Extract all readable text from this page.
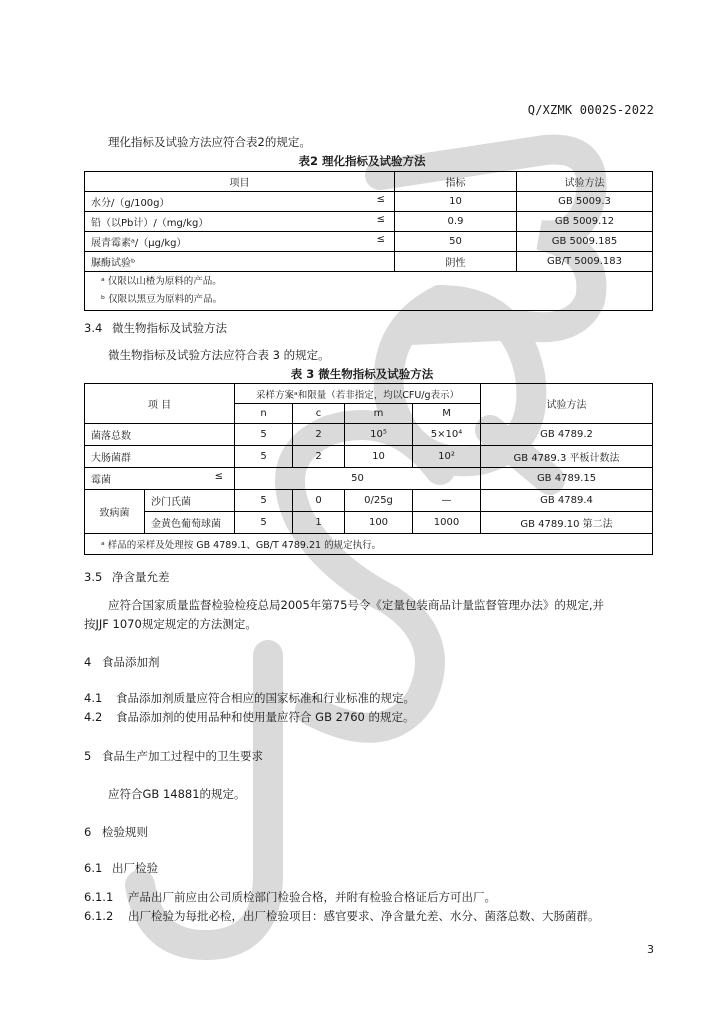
Q/XZMK 0002S-2022
理化指标及试验方法应符合表2的规定。
表2 理化指标及试验方法
项目	指标	试验方法
水分/（g/100g） ≤	10	GB 5009.3
铅（以Pb计）/（mg/kg） ≤	0.9	GB 5009.12
展青霉素ᵃ/（μg/kg） ≤	50	GB 5009.185
脲酶试验ᵇ	阴性	GB/T 5009.183

ᵃ 仅限以山楂为原料的产品。
ᵇ 仅限以黑豆为原料的产品。		
3.4 微生物指标及试验方法
微生物指标及试验方法应符合表 3 的规定。
表 3 微生物指标及试验方法
项 目		采样方案ᵃ和限量（若非指定，均以CFU/g表示）				试验方法
		n	c	m	M	
菌落总数		5	2	10⁵	5×10⁴	GB 4789.2
大肠菌群		5	2	10	10²	GB 4789.3 平板计数法
霉菌 ≤		50				GB 4789.15
致病菌	沙门氏菌	5	0	0/25g	—	GB 4789.4
	金黄色葡萄球菌	5	1	100	1000	GB 4789.10 第二法
ᵃ 样品的采样及处理按 GB 4789.1、GB/T 4789.21 的规定执行。						
3.5 净含量允差
应符合国家质量监督检验检疫总局2005年第75号令《定量包装商品计量监督管理办法》的规定,并
按JJF 1070规定规定的方法测定。
4 食品添加剂
4.1 食品添加剂质量应符合相应的国家标准和行业标准的规定。
4.2 食品添加剂的使用品种和使用量应符合 GB 2760 的规定。
5 食品生产加工过程中的卫生要求
应符合GB 14881的规定。
6 检验规则
6.1 出厂检验
6.1.1 产品出厂前应由公司质检部门检验合格，并附有检验合格证后方可出厂。
6.1.2 出厂检验为每批必检，出厂检验项目：感官要求、净含量允差、水分、菌落总数、大肠菌群。
3
